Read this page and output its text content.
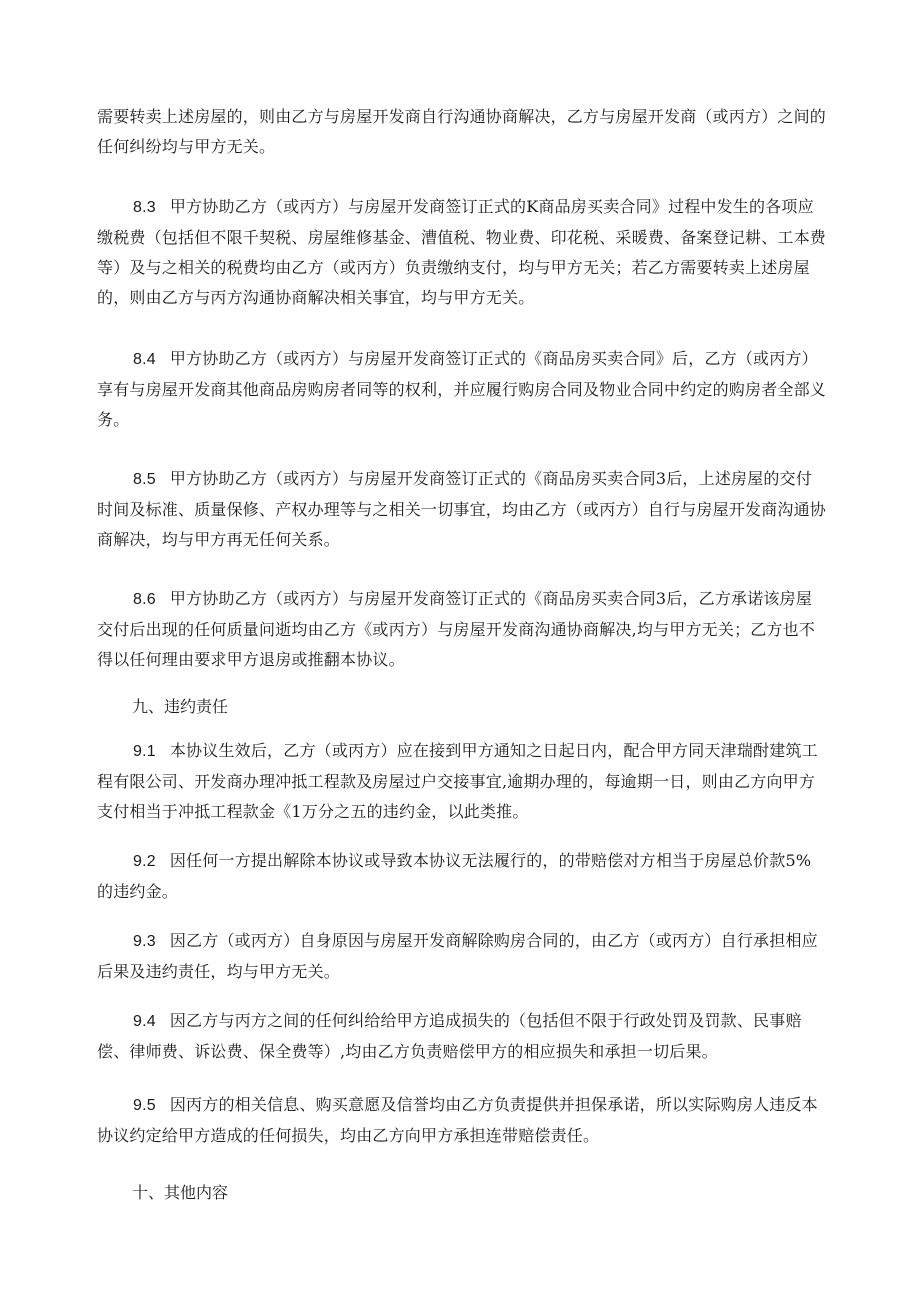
需要转卖上述房屋的，则由乙方与房屋开发商自行沟通协商解决，乙方与房屋开发商（或丙方）之间的任何纠纷均与甲方无关。

8.3 甲方协助乙方（或丙方）与房屋开发商签订正式的K商品房买卖合同》过程中发生的各项应缴税费（包括但不限千契税、房屋维修基金、漕值税、物业费、印花税、采暖费、备案登记耕、工本费等）及与之相关的税费均由乙方（或丙方）负责缴纳支付，均与甲方无关；若乙方需要转卖上述房屋的，则由乙方与丙方沟通协商解决相关事宜，均与甲方无关。

8.4 甲方协助乙方（或丙方）与房屋开发商签订正式的《商品房买卖合同》后，乙方（或丙方）享有与房屋开发商其他商品房购房者同等的权利，并应履行购房合同及物业合同中约定的购房者全部义务。

8.5 甲方协助乙方（或丙方）与房屋开发商签订正式的《商品房买卖合同3后，上述房屋的交付时间及标准、质量保修、产权办理等与之相关一切事宜，均由乙方（或丙方）自行与房屋开发商沟通协商解决，均与甲方再无任何关系。

8.6 甲方协助乙方（或丙方）与房屋开发商签订正式的《商品房买卖合同3后，乙方承诺该房屋交付后出现的任何质量问逝均由乙方《或丙方）与房屋开发商沟通协商解决,均与甲方无关；乙方也不得以任何理由要求甲方退房或推翻本协议。

九、违约责任

9.1 本协议生效后，乙方（或丙方）应在接到甲方通知之日起日内，配合甲方同天津瑞酎建筑工程有限公司、开发商办理冲抵工程款及房屋过户交接事宜,逾期办理的，每逾期一日，则由乙方向甲方支付相当于冲抵工程款金《1万分之五的违约金，以此类推。

9.2 因任何一方提出解除本协议或导致本协议无法履行的，的带赔偿对方相当于房屋总价款5%的违约金。

9.3 因乙方（或丙方）自身原因与房屋开发商解除购房合同的，由乙方（或丙方）自行承担相应后果及违约责任，均与甲方无关。

9.4 因乙方与丙方之间的任何纠给给甲方追成损失的（包括但不限于行政处罚及罚款、民事赔偿、律师费、诉讼费、保全费等）,均由乙方负责赔偿甲方的相应损失和承担一切后果。

9.5 因丙方的相关信息、购买意愿及信誉均由乙方负责提供并担保承诺，所以实际购房人违反本协议约定给甲方造成的任何损失，均由乙方向甲方承担连带赔偿责任。

十、其他内容
